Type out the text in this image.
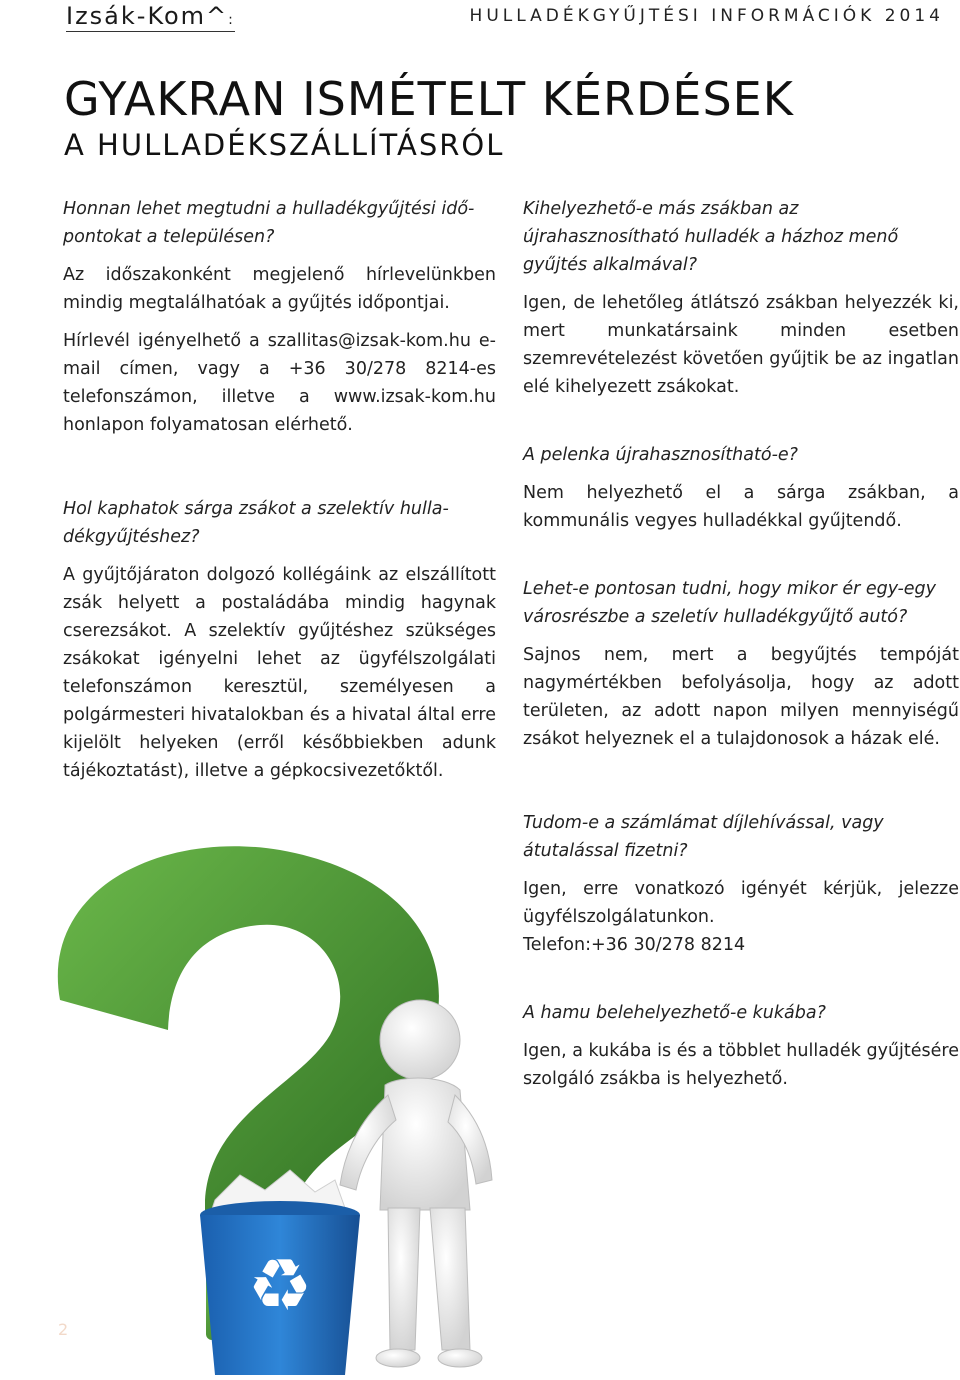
Izsák-Kom^:	HULLADÉKGYŰJTÉSI INFORMÁCIÓK 2014
GYAKRAN ISMÉTELT KÉRDÉSEK
A HULLADÉKSZÁLLÍTÁSRÓL

Honnan lehet megtudni a hulladékgyűjtési idő-pontokat a településen?

Az időszakonként megjelenő hírlevelünkben mindig megtalálhatóak a gyűjtés időpontjai.

Hírlevél igényelhető a szallitas@izsak-kom.hu e-mail címen, vagy a +36 30/278 8214-es telefonszámon, illetve a www.izsak-kom.hu honlapon folyamatosan elérhető.

Hol kaphatok sárga zsákot a szelektív hulla-dékgyűjtéshez?

A gyűjtőjáraton dolgozó kollégáink az elszállított zsák helyett a postaládába mindig hagynak cserezsákot. A szelektív gyűjtéshez szükséges zsákokat igényelni lehet az ügyfélszolgálati telefonszámon keresztül, személyesen a polgármesteri hivatalokban és a hivatal által erre kijelölt helyeken (erről későbbiekben adunk tájékoztatást), illetve a gépkocsivezetőktől.

Kihelyezhető-e más zsákban az újrahasznosítható hulladék a házhoz menő gyűjtés alkalmával?

Igen, de lehetőleg átlátszó zsákban helyezzék ki, mert munkatársaink minden esetben szemrevételezést követően gyűjtik be az ingatlan elé kihelyezett zsákokat.

A pelenka újrahasznosítható-e?

Nem helyezhető el a sárga zsákban, a kommunális vegyes hulladékkal gyűjtendő.

Lehet-e pontosan tudni, hogy mikor ér egy-egy városrészbe a szeletív hulladékgyűjtő autó?

Sajnos nem, mert a begyűjtés tempóját nagymértékben befolyásolja, hogy az adott területen, az adott napon milyen mennyiségű zsákot helyeznek el a tulajdonosok a házak elé.

Tudom-e a számlámat díjlehívással, vagy átutalással fizetni?

Igen, erre vonatkozó igényét kérjük, jelezze ügyfélszolgálatunkon.

Telefon:+36 30/278 8214

A hamu belehelyezhető-e kukába?

Igen, a kukába is és a többlet hulladék gyűjtésére szolgáló zsákba is helyezhető.

♻
2
